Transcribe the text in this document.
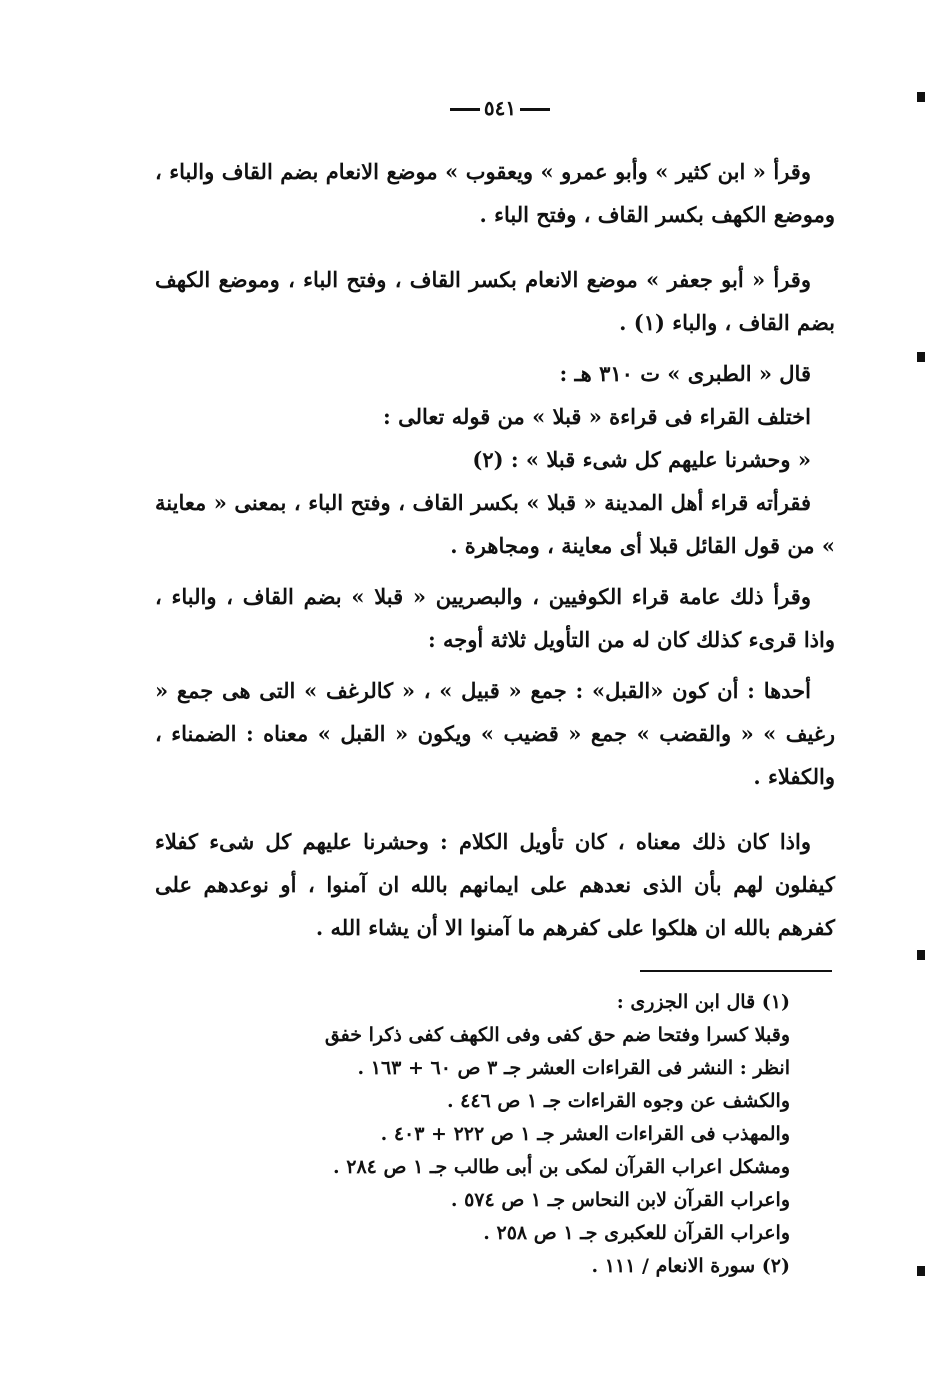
٥٤١

وقرأ « ابن كثير » وأبو عمرو » ويعقوب » موضع الانعام بضم القاف والباء ، وموضع الكهف بكسر القاف ، وفتح الباء .

وقرأ « أبو جعفر » موضع الانعام بكسر القاف ، وفتح الباء ، وموضع الكهف بضم القاف ، والباء (١) .

قال « الطبرى » ت ٣١٠ هـ :

اختلف القراء فى قراءة « قبلا » من قوله تعالى :

« وحشرنا عليهم كل شىء قبلا » : (٢)

فقرأته قراء أهل المدينة « قبلا » بكسر القاف ، وفتح الباء ، بمعنى « معاينة » من قول القائل قبلا أى معاينة ، ومجاهرة .

وقرأ ذلك عامة قراء الكوفيين ، والبصريين « قبلا » بضم القاف ، والباء ، واذا قرىء كذلك كان له من التأويل ثلاثة أوجه :

أحدها : أن كون «القبل» : جمع « قبيل » ، « كالرغف » التى هى جمع « رغيف » « والقضب » جمع « قضيب » ويكون « القبل » معناه : الضمناء ، والكفلاء .

واذا كان ذلك معناه ، كان تأويل الكلام : وحشرنا عليهم كل شىء كفلاء كيفلون لهم بأن الذى نعدهم على ايمانهم بالله ان آمنوا ، أو نوعدهم على كفرهم بالله ان هلكوا على كفرهم ما آمنوا الا أن يشاء الله .

(١) قال ابن الجزرى :

وقبلا كسرا وفتحا ضم حق كفى وفى الكهف كفى ذكرا خفق

انظر : النشر فى القراءات العشر جـ ٣ ص ٦٠ + ١٦٣ .

والكشف عن وجوه القراءات جـ ١ ص ٤٤٦ .

والمهذب فى القراءات العشر جـ ١ ص ٢٢٢ + ٤٠٣ .

ومشكل اعراب القرآن لمكى بن أبى طالب جـ ١ ص ٢٨٤ .

واعراب القرآن لابن النحاس جـ ١ ص ٥٧٤ .

واعراب القرآن للعكبرى جـ ١ ص ٢٥٨ .

(٢) سورة الانعام / ١١١ .
